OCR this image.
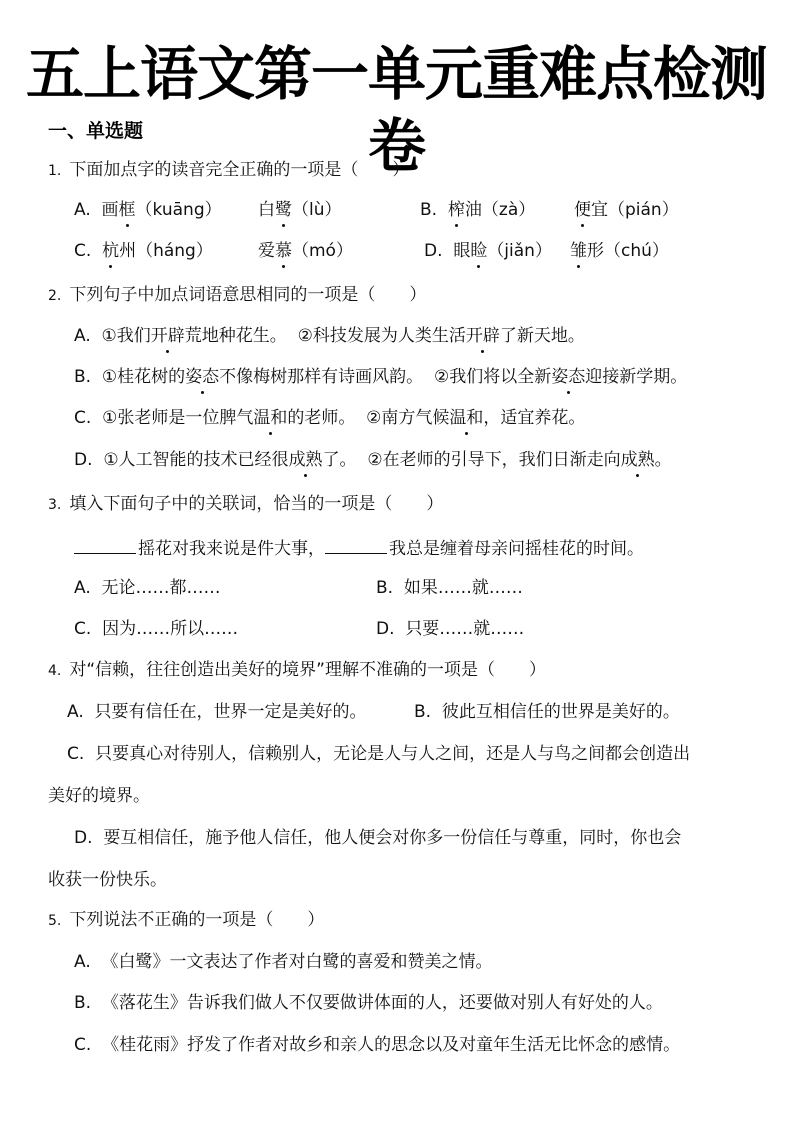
五上语文第一单元重难点检测卷
一、单选题
1. 下面加点字的读音完全正确的一项是（　　）
A. 画框（kuāng） 白鹭（lù）	B. 榨油（zà） 便宜（pián）
C. 杭州（háng）	爱慕（mó）	D. 眼睑（jiǎn） 雏形（chú）
2. 下列句子中加点词语意思相同的一项是（　　）
A. ①我们开辟荒地种花生。 ②科技发展为人类生活开辟了新天地。
B. ①桂花树的姿态不像梅树那样有诗画风韵。 ②我们将以全新姿态迎接新学期。
C. ①张老师是一位脾气温和的老师。 ②南方气候温和，适宜养花。
D. ①人工智能的技术已经很成熟了。 ②在老师的引导下，我们日渐走向成熟。
3. 填入下面句子中的关联词，恰当的一项是（　　）
摇花对我来说是件大事，	我总是缠着母亲问摇桂花的时间。
A. 无论……都……	B. 如果……就……
C. 因为……所以……	D. 只要……就……
4. 对“信赖，往往创造出美好的境界”理解不准确的一项是（　　）
A. 只要有信任在，世界一定是美好的。	B. 彼此互相信任的世界是美好的。
C. 只要真心对待别人，信赖别人，无论是人与人之间，还是人与鸟之间都会创造出
美好的境界。
D. 要互相信任，施予他人信任，他人便会对你多一份信任与尊重，同时，你也会
收获一份快乐。
5. 下列说法不正确的一项是（　　）
A. 《白鹭》一文表达了作者对白鹭的喜爱和赞美之情。
B. 《落花生》告诉我们做人不仅要做讲体面的人，还要做对别人有好处的人。
C. 《桂花雨》抒发了作者对故乡和亲人的思念以及对童年生活无比怀念的感情。
